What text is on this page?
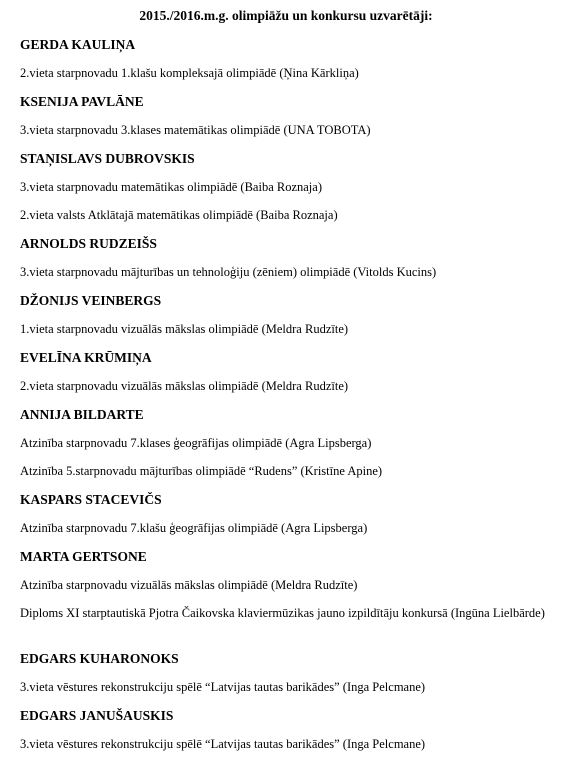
2015./2016.m.g. olimpiāžu un konkursu uzvarētāji:
GERDA KAULIŅA
2.vieta starpnovadu 1.klašu kompleksajā olimpiādē (Ņina Kārkliņa)
KSENIJA PAVLĀNE
3.vieta starpnovadu 3.klases matemātikas olimpiādē (UNA TOBOTA)
STAŅISLAVS DUBROVSKIS
3.vieta starpnovadu matemātikas olimpiādē (Baiba Roznaja)
2.vieta valsts Atklātajā matemātikas olimpiādē (Baiba Roznaja)
ARNOLDS RUDZEIŠS
3.vieta starpnovadu mājturības un tehnoloģiju (zēniem) olimpiādē (Vitolds Kucins)
DŽONIJS VEINBERGS
1.vieta starpnovadu vizuālās mākslas olimpiādē (Meldra Rudzīte)
EVELĪNA KRŪMIŅA
2.vieta starpnovadu vizuālās mākslas olimpiādē (Meldra Rudzīte)
ANNIJA BILDARTE
Atzinība starpnovadu 7.klases ģeogrāfijas olimpiādē (Agra Lipsberga)
Atzinība 5.starpnovadu mājturības olimpiādē “Rudens” (Kristīne Apine)
KASPARS STACEVIČS
Atzinība starpnovadu 7.klašu ģeogrāfijas olimpiādē (Agra Lipsberga)
MARTA GERTSONE
Atzinība starpnovadu vizuālās mākslas olimpiādē (Meldra Rudzīte)
Diploms XI starptautiskā Pjotra Čaikovska klaviermūzikas jauno izpildītāju konkursā (Ingūna Lielbārde)
EDGARS KUHARONOKS
3.vieta vēstures rekonstrukciju spēlē “Latvijas tautas barikādes” (Inga Pelcmane)
EDGARS JANUŠAUSKIS
3.vieta vēstures rekonstrukciju spēlē “Latvijas tautas barikādes” (Inga Pelcmane)
